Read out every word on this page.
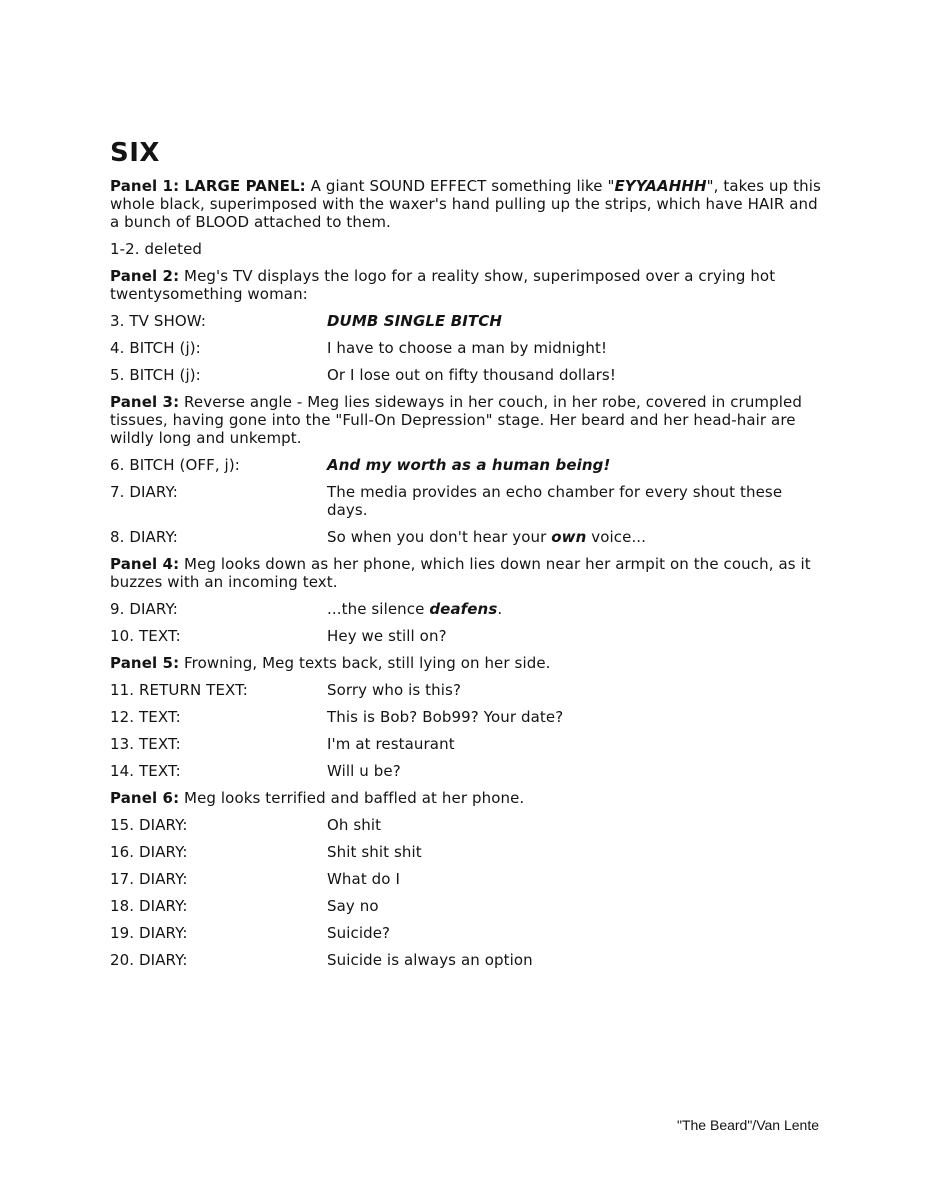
SIX
Panel 1: LARGE PANEL: A giant SOUND EFFECT something like "EYYAAHHH", takes up this whole black, superimposed with the waxer's hand pulling up the strips, which have HAIR and a bunch of BLOOD attached to them.
1-2. deleted
Panel 2: Meg's TV displays the logo for a reality show, superimposed over a crying hot twentysomething woman:
3. TV SHOW:	DUMB SINGLE BITCH
4. BITCH (j):	I have to choose a man by midnight!
5. BITCH (j):	Or I lose out on fifty thousand dollars!
Panel 3: Reverse angle - Meg lies sideways in her couch, in her robe, covered in crumpled tissues, having gone into the "Full-On Depression" stage. Her beard and her head-hair are wildly long and unkempt.
6. BITCH (OFF, j):	And my worth as a human being!
7. DIARY:	The media provides an echo chamber for every shout these days.
8. DIARY:	So when you don't hear your own voice...
Panel 4: Meg looks down as her phone, which lies down near her armpit on the couch, as it buzzes with an incoming text.
9. DIARY:	...the silence deafens.
10. TEXT:	Hey we still on?
Panel 5: Frowning, Meg texts back, still lying on her side.
11. RETURN TEXT:	Sorry who is this?
12. TEXT:	This is Bob? Bob99? Your date?
13. TEXT:	I'm at restaurant
14. TEXT:	Will u be?
Panel 6: Meg looks terrified and baffled at her phone.
15. DIARY:	Oh shit
16. DIARY:	Shit shit shit
17. DIARY:	What do I
18. DIARY:	Say no
19. DIARY:	Suicide?
20. DIARY:	Suicide is always an option
"The Beard"/Van Lente
